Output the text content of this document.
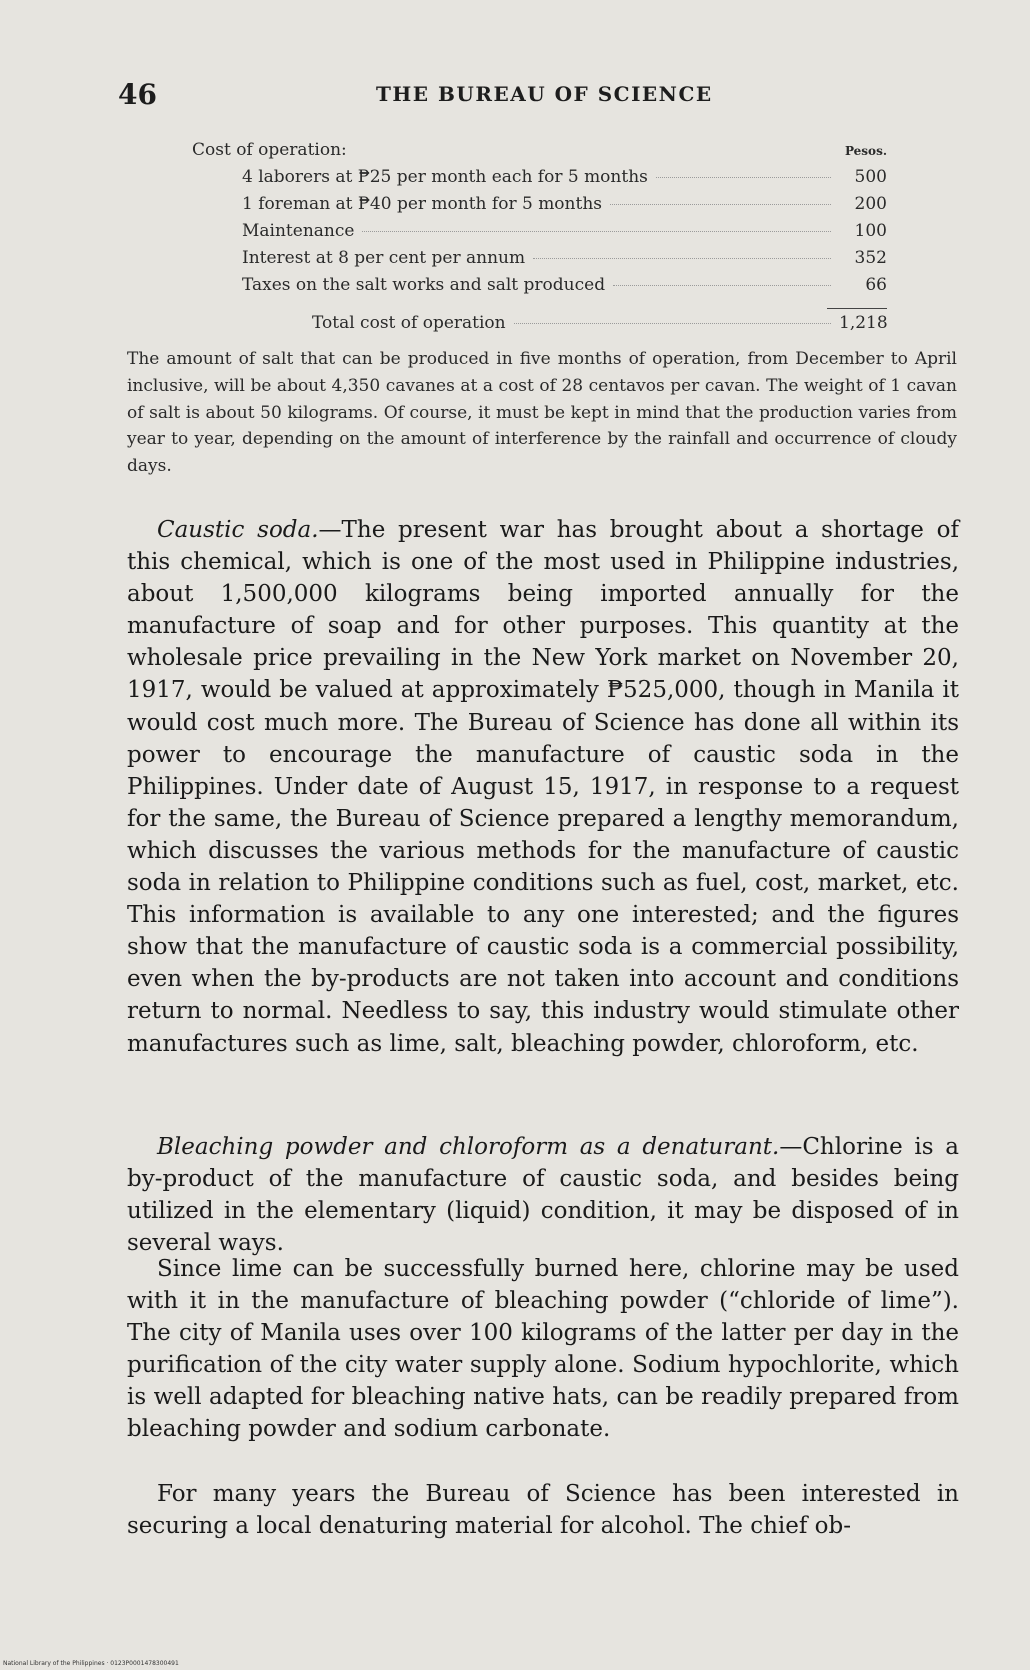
46	THE BUREAU OF SCIENCE
Cost of operation:	Pesos.
4 laborers at ₱25 per month each for 5 months	500
1 foreman at ₱40 per month for 5 months	200
Maintenance	100
Interest at 8 per cent per annum	352
Taxes on the salt works and salt produced	66
Total cost of operation	1,218

The amount of salt that can be produced in five months of operation, from December to April inclusive, will be about 4,350 cavanes at a cost of 28 centavos per cavan. The weight of 1 cavan of salt is about 50 kilograms. Of course, it must be kept in mind that the production varies from year to year, depending on the amount of interference by the rainfall and occurrence of cloudy days.

Caustic soda.—The present war has brought about a shortage of this chemical, which is one of the most used in Philippine industries, about 1,500,000 kilograms being imported annually for the manufacture of soap and for other purposes. This quantity at the wholesale price prevailing in the New York market on November 20, 1917, would be valued at approximately ₱525,000, though in Manila it would cost much more. The Bureau of Science has done all within its power to encourage the manufacture of caustic soda in the Philippines. Under date of August 15, 1917, in response to a request for the same, the Bureau of Science prepared a lengthy memorandum, which discusses the various methods for the manufacture of caustic soda in relation to Philippine conditions such as fuel, cost, market, etc. This information is available to any one interested; and the figures show that the manufacture of caustic soda is a commercial possibility, even when the by-products are not taken into account and conditions return to normal. Needless to say, this industry would stimulate other manufactures such as lime, salt, bleaching powder, chloroform, etc.

Bleaching powder and chloroform as a denaturant.—Chlorine is a by-product of the manufacture of caustic soda, and besides being utilized in the elementary (liquid) condition, it may be disposed of in several ways.

Since lime can be successfully burned here, chlorine may be used with it in the manufacture of bleaching powder (“chloride of lime”). The city of Manila uses over 100 kilograms of the latter per day in the purification of the city water supply alone. Sodium hypochlorite, which is well adapted for bleaching native hats, can be readily prepared from bleaching powder and sodium carbonate.

For many years the Bureau of Science has been interested in securing a local denaturing material for alcohol. The chief ob-

National Library of the Philippines · 0123P0001478300491
